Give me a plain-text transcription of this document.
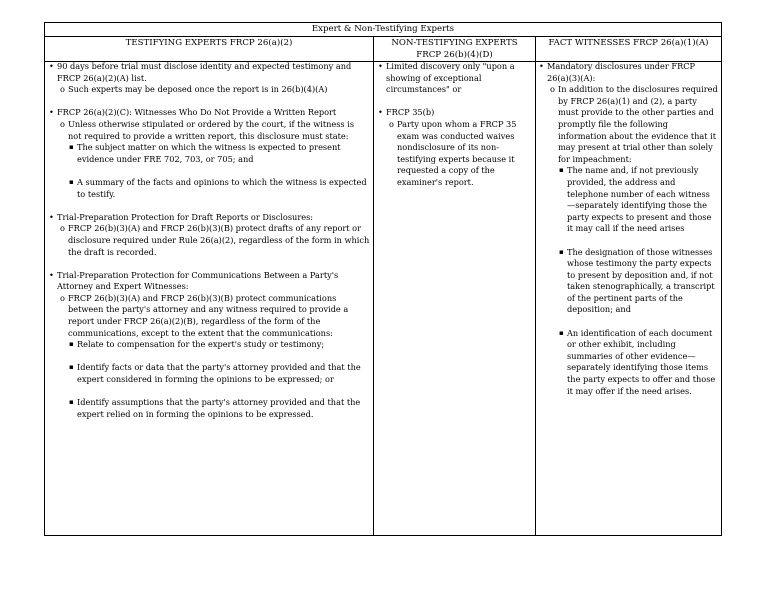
Expert & Non-Testifying Experts
TESTIFYING EXPERTS FRCP 26(a)(2)	NON-TESTIFYING EXPERTS
FRCP 26(b)(4)(D)
FACT WITNESSES FRCP 26(a)(1)(A)
• 90 days before trial must disclose identity and expected testimony and FRCP 26(a)(2)(A) list.
o Such experts may be deposed once the report is in 26(b)(4)(A)
• FRCP 26(a)(2)(C): Witnesses Who Do Not Provide a Written Report
o Unless otherwise stipulated or ordered by the court, if the witness is not required to provide a written report, this disclosure must state:
▪ The subject matter on which the witness is expected to present evidence under FRE 702, 703, or 705; and
▪ A summary of the facts and opinions to which the witness is expected to testify.
• Trial-Preparation Protection for Draft Reports or Disclosures:
o FRCP 26(b)(3)(A) and FRCP 26(b)(3)(B) protect drafts of any report or disclosure required under Rule 26(a)(2), regardless of the form in which the draft is recorded.
• Trial-Preparation Protection for Communications Between a Party's Attorney and Expert Witnesses:
o FRCP 26(b)(3)(A) and FRCP 26(b)(3)(B) protect communications between the party's attorney and any witness required to provide a report under FRCP 26(a)(2)(B), regardless of the form of the communications, except to the extent that the communications:
▪ Relate to compensation for the expert's study or testimony;
▪ Identify facts or data that the party's attorney provided and that the expert considered in forming the opinions to be expressed; or
▪ Identify assumptions that the party's attorney provided and that the expert relied on in forming the opinions to be expressed.
• Limited discovery only "upon a showing of exceptional circumstances" or
• FRCP 35(b)
o Party upon whom a FRCP 35 exam was conducted waives nondisclosure of its non-testifying experts because it requested a copy of the examiner's report.
• Mandatory disclosures under FRCP 26(a)(3)(A):
o In addition to the disclosures required by FRCP 26(a)(1) and (2), a party must provide to the other parties and promptly file the following information about the evidence that it may present at trial other than solely for impeachment:
▪ The name and, if not previously provided, the address and telephone number of each witness—separately identifying those the party expects to present and those it may call if the need arises
▪ The designation of those witnesses whose testimony the party expects to present by deposition and, if not taken stenographically, a transcript of the pertinent parts of the deposition; and
▪ An identification of each document or other exhibit, including summaries of other evidence—separately identifying those items the party expects to offer and those it may offer if the need arises.
